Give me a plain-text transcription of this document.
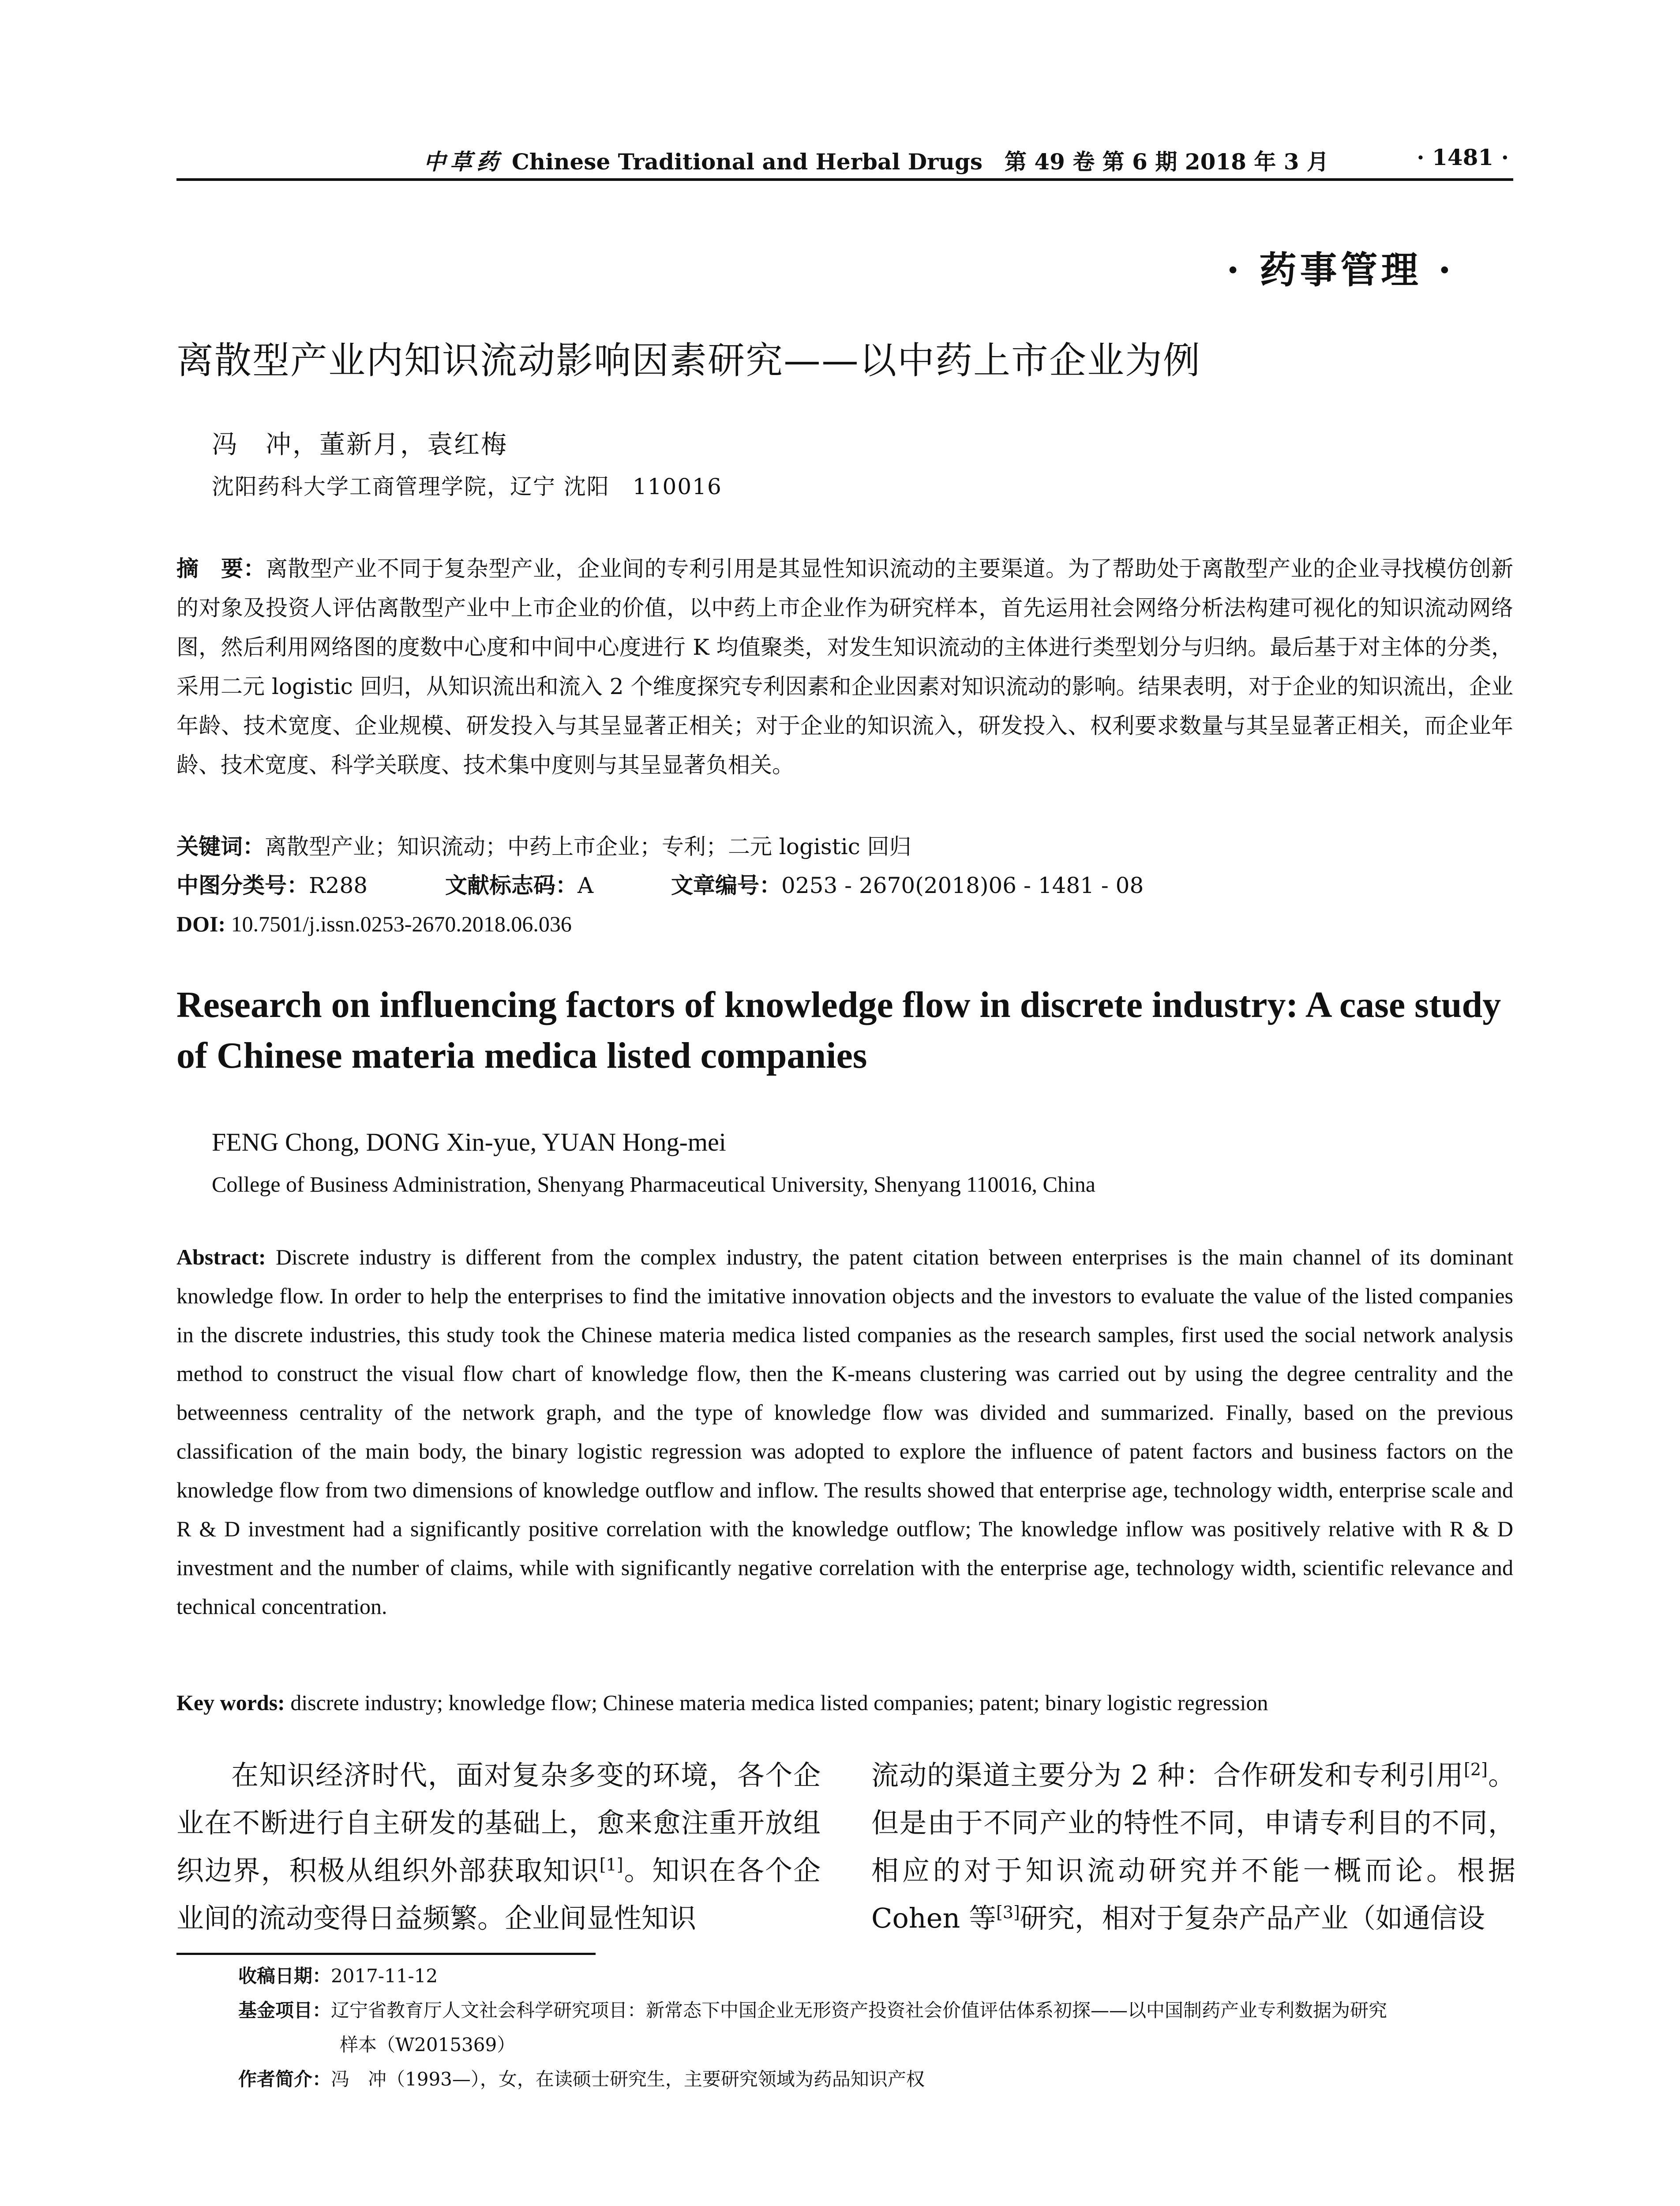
中草药 Chinese Traditional and Herbal Drugs　第 49 卷 第 6 期 2018 年 3 月	· 1481 ·
· 药事管理 ·
离散型产业内知识流动影响因素研究——以中药上市企业为例
冯　冲，董新月，袁红梅
沈阳药科大学工商管理学院，辽宁 沈阳　110016
摘　要：离散型产业不同于复杂型产业，企业间的专利引用是其显性知识流动的主要渠道。为了帮助处于离散型产业的企业寻找模仿创新的对象及投资人评估离散型产业中上市企业的价值，以中药上市企业作为研究样本，首先运用社会网络分析法构建可视化的知识流动网络图，然后利用网络图的度数中心度和中间中心度进行 K 均值聚类，对发生知识流动的主体进行类型划分与归纳。最后基于对主体的分类，采用二元 logistic 回归，从知识流出和流入 2 个维度探究专利因素和企业因素对知识流动的影响。结果表明，对于企业的知识流出，企业年龄、技术宽度、企业规模、研发投入与其呈显著正相关；对于企业的知识流入，研发投入、权利要求数量与其呈显著正相关，而企业年龄、技术宽度、科学关联度、技术集中度则与其呈显著负相关。
关键词：离散型产业；知识流动；中药上市企业；专利；二元 logistic 回归
中图分类号：R288	文献标志码：A	文章编号：0253 - 2670(2018)06 - 1481 - 08
DOI: 10.7501/j.issn.0253-2670.2018.06.036
Research on influencing factors of knowledge flow in discrete industry: A case study of Chinese materia medica listed companies
FENG Chong, DONG Xin-yue, YUAN Hong-mei
College of Business Administration, Shenyang Pharmaceutical University, Shenyang 110016, China
Abstract: Discrete industry is different from the complex industry, the patent citation between enterprises is the main channel of its dominant knowledge flow. In order to help the enterprises to find the imitative innovation objects and the investors to evaluate the value of the listed companies in the discrete industries, this study took the Chinese materia medica listed companies as the research samples, first used the social network analysis method to construct the visual flow chart of knowledge flow, then the K-means clustering was carried out by using the degree centrality and the betweenness centrality of the network graph, and the type of knowledge flow was divided and summarized. Finally, based on the previous classification of the main body, the binary logistic regression was adopted to explore the influence of patent factors and business factors on the knowledge flow from two dimensions of knowledge outflow and inflow. The results showed that enterprise age, technology width, enterprise scale and R & D investment had a significantly positive correlation with the knowledge outflow; The knowledge inflow was positively relative with R & D investment and the number of claims, while with significantly negative correlation with the enterprise age, technology width, scientific relevance and technical concentration.
Key words: discrete industry; knowledge flow; Chinese materia medica listed companies; patent; binary logistic regression
在知识经济时代，面对复杂多变的环境，各个企业在不断进行自主研发的基础上，愈来愈注重开放组织边界，积极从组织外部获取知识[1]。知识在各个企业间的流动变得日益频繁。企业间显性知识
流动的渠道主要分为 2 种：合作研发和专利引用[2]。但是由于不同产业的特性不同，申请专利目的不同，相应的对于知识流动研究并不能一概而论。根据 Cohen 等[3]研究，相对于复杂产品产业（如通信设
收稿日期：2017-11-12
基金项目：辽宁省教育厅人文社会科学研究项目：新常态下中国企业无形资产投资社会价值评估体系初探——以中国制药产业专利数据为研究
样本（W2015369）
作者简介：冯　冲（1993—），女，在读硕士研究生，主要研究领域为药品知识产权
